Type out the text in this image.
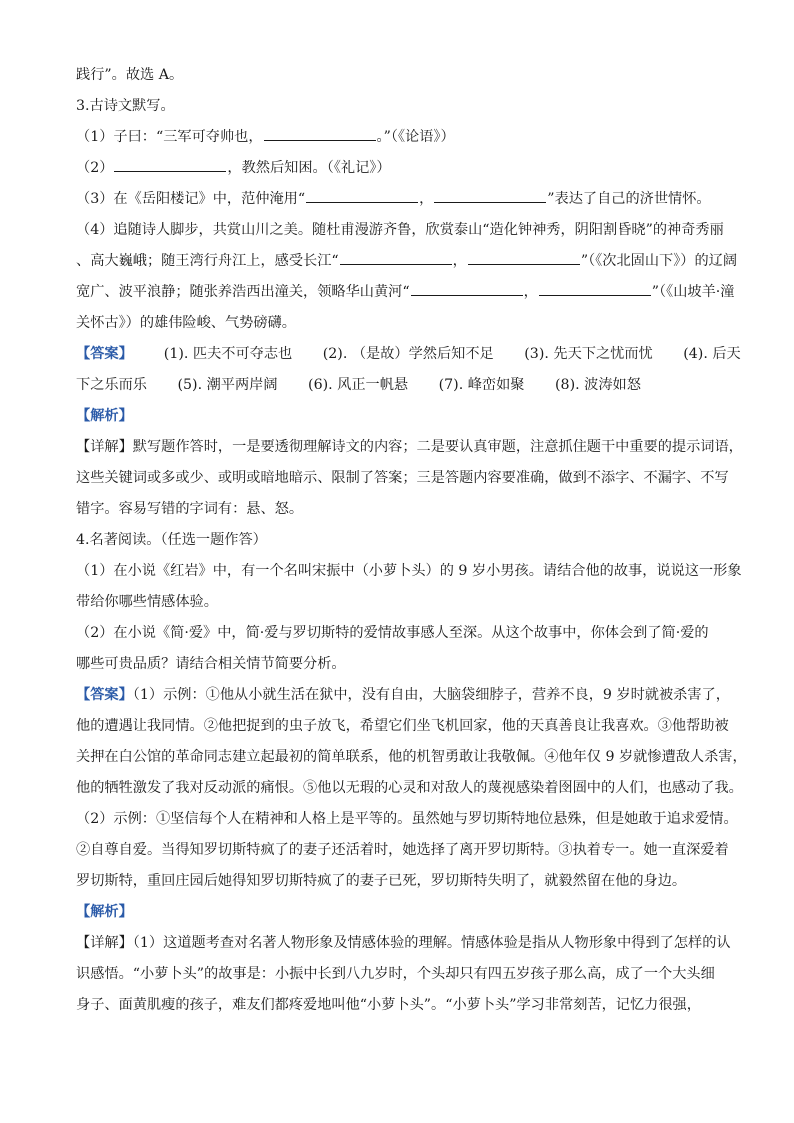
践行”。故选 A。
3.古诗文默写。
（1）子曰：“三军可夺帅也，	。”（《论语》）
（2）	，教然后知困。（《礼记》）
（3）在《岳阳楼记》中，范仲淹用“	，	”表达了自己的济世情怀。
（4）追随诗人脚步，共赏山川之美。随杜甫漫游齐鲁，欣赏泰山“造化钟神秀，阴阳割昏晓”的神奇秀丽
、高大巍峨；随王湾行舟江上，感受长江“	，	”（《次北固山下》）的辽阔
宽广、波平浪静；随张养浩西出潼关，领略华山黄河“	，	”（《山坡羊·潼
关怀古》）的雄伟险峻、气势磅礴。
【答案】 (1). 匹夫不可夺志也 (2). （是故）学然后知不足 (3). 先天下之忧而忧 (4). 后天
下之乐而乐 (5). 潮平两岸阔 (6). 风正一帆悬 (7). 峰峦如聚 (8). 波涛如怒
【解析】
【详解】默写题作答时，一是要透彻理解诗文的内容；二是要认真审题，注意抓住题干中重要的提示词语，
这些关键词或多或少、或明或暗地暗示、限制了答案；三是答题内容要准确，做到不添字、不漏字、不写
错字。容易写错的字词有：悬、怒。
4.名著阅读。（任选一题作答）
（1）在小说《红岩》中，有一个名叫宋振中（小萝卜头）的 9 岁小男孩。请结合他的故事，说说这一形象
带给你哪些情感体验。
（2）在小说《简·爱》中，简·爱与罗切斯特的爱情故事感人至深。从这个故事中，你体会到了简·爱的
哪些可贵品质？请结合相关情节简要分析。
【答案】（1）示例：①他从小就生活在狱中，没有自由，大脑袋细脖子，营养不良，9 岁时就被杀害了，
他的遭遇让我同情。②他把捉到的虫子放飞，希望它们坐飞机回家，他的天真善良让我喜欢。③他帮助被
关押在白公馆的革命同志建立起最初的简单联系，他的机智勇敢让我敬佩。④他年仅 9 岁就惨遭敌人杀害，
他的牺牲激发了我对反动派的痛恨。⑤他以无瑕的心灵和对敌人的蔑视感染着囹圄中的人们，也感动了我。
（2）示例：①坚信每个人在精神和人格上是平等的。虽然她与罗切斯特地位悬殊，但是她敢于追求爱情。
②自尊自爱。当得知罗切斯特疯了的妻子还活着时，她选择了离开罗切斯特。③执着专一。她一直深爱着
罗切斯特，重回庄园后她得知罗切斯特疯了的妻子已死，罗切斯特失明了，就毅然留在他的身边。
【解析】
【详解】（1）这道题考查对名著人物形象及情感体验的理解。情感体验是指从人物形象中得到了怎样的认
识感悟。“小萝卜头”的故事是：小振中长到八九岁时，个头却只有四五岁孩子那么高，成了一个大头细
身子、面黄肌瘦的孩子，难友们都疼爱地叫他“小萝卜头”。“小萝卜头”学习非常刻苦，记忆力很强，
